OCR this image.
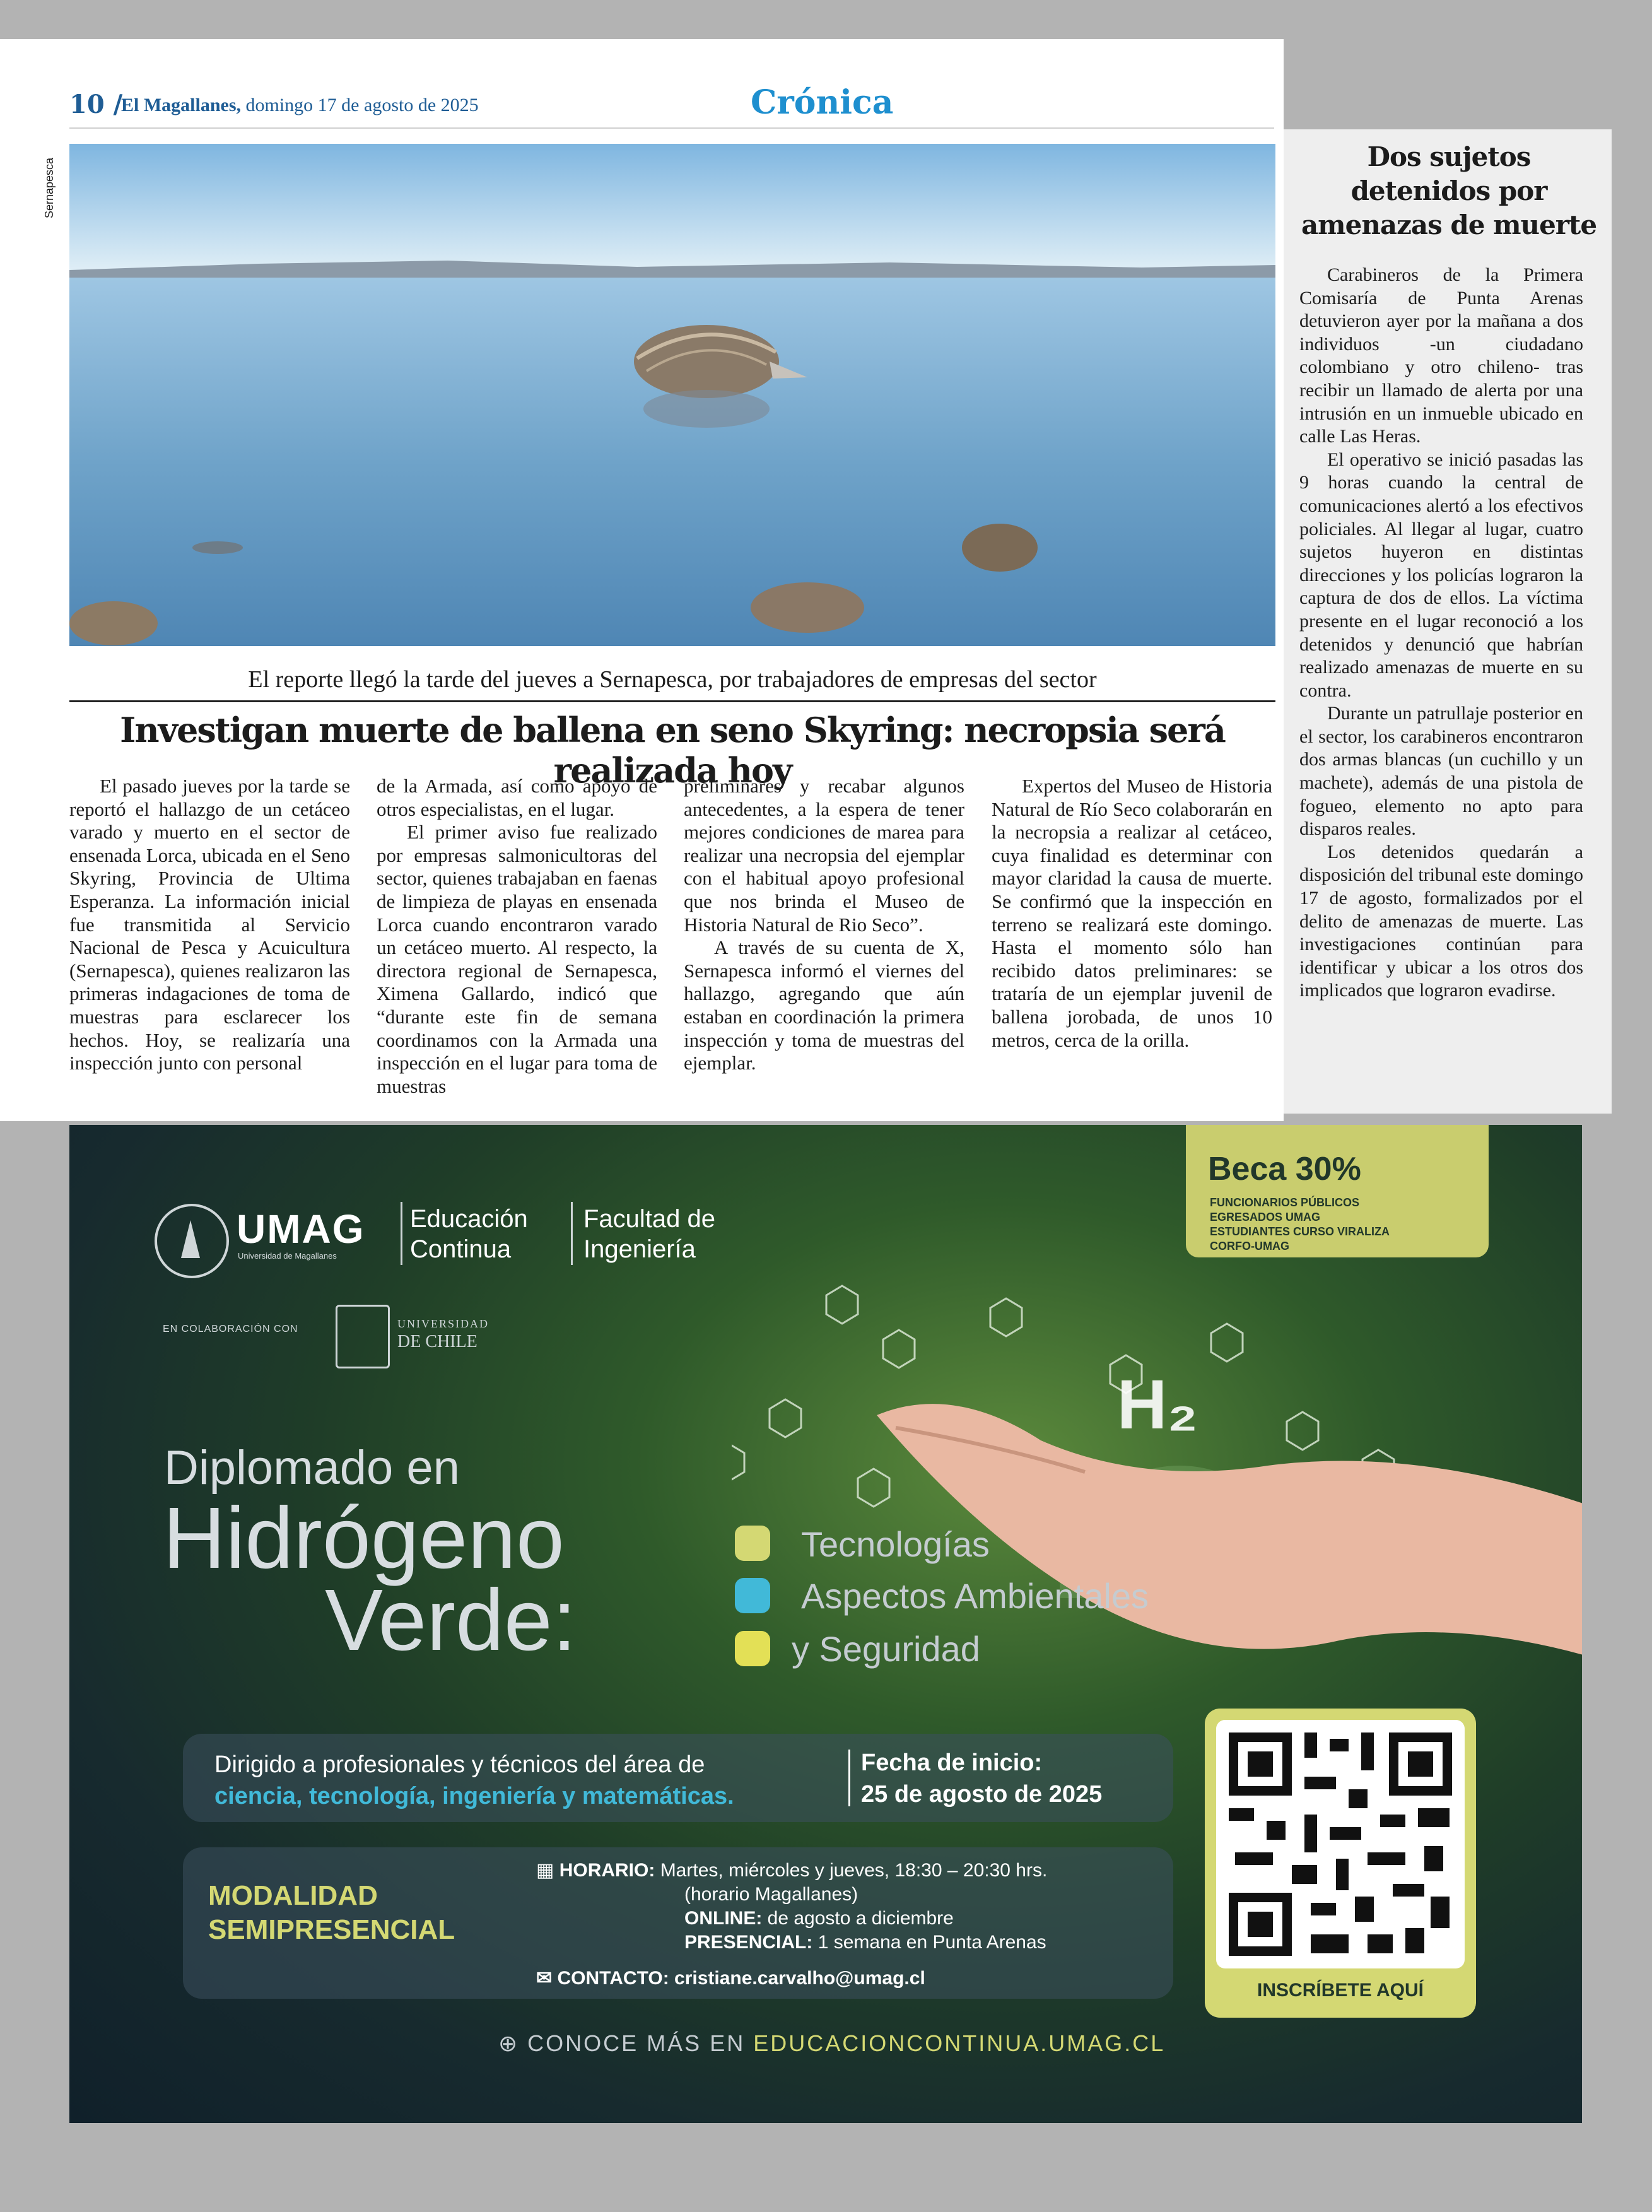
10 /
El Magallanes, domingo 17 de agosto de 2025	Crónica
Sernapesca
El reporte llegó la tarde del jueves a Sernapesca, por trabajadores de empresas del sector
Investigan muerte de ballena en seno Skyring: necropsia será realizada hoy

El pasado jueves por la tarde se reportó el hallazgo de un cetáceo varado y muerto en el sector de ensenada Lorca, ubicada en el Seno Skyring, Provincia de Ultima Esperanza. La información inicial fue transmitida al Servicio Nacional de Pesca y Acuicultura (Sernapesca), quienes realizaron las primeras indagaciones de toma de muestras para esclarecer los hechos. Hoy, se realizaría una inspección junto con personal

de la Armada, así como apoyo de otros especialistas, en el lugar.

El primer aviso fue realizado por empresas salmonicultoras del sector, quienes trabajaban en faenas de limpieza de playas en ensenada Lorca cuando encontraron varado un cetáceo muerto. Al respecto, la directora regional de Sernapesca, Ximena Gallardo, indicó que “durante este fin de semana coordinamos con la Armada una inspección en el lugar para toma de muestras

preliminares y recabar algunos antecedentes, a la espera de tener mejores condiciones de marea para realizar una necropsia del ejemplar con el habitual apoyo profesional que nos brinda el Museo de Historia Natural de Rio Seco”.

A través de su cuenta de X, Sernapesca informó el viernes del hallazgo, agregando que aún estaban en coordinación la primera inspección y toma de muestras del ejemplar.

Expertos del Museo de Historia Natural de Río Seco colaborarán en la necropsia a realizar al cetáceo, cuya finalidad es determinar con mayor claridad la causa de muerte. Se confirmó que la inspección en terreno se realizará este domingo. Hasta el momento sólo han recibido datos preliminares: se trataría de un ejemplar juvenil de ballena jorobada, de unos 10 metros, cerca de la orilla.

Dos sujetos detenidos por amenazas de muerte

Carabineros de la Primera Comisaría de Punta Arenas detuvieron ayer por la mañana a dos individuos -un ciudadano colombiano y otro chileno- tras recibir un llamado de alerta por una intrusión en un inmueble ubicado en calle Las Heras.

El operativo se inició pasadas las 9 horas cuando la central de comunicaciones alertó a los efectivos policiales. Al llegar al lugar, cuatro sujetos huyeron en distintas direcciones y los policías lograron la captura de dos de ellos. La víctima presente en el lugar reconoció a los detenidos y denunció que habrían realizado amenazas de muerte en su contra.

Durante un patrullaje posterior en el sector, los carabineros encontraron dos armas blancas (un cuchillo y un machete), además de una pistola de fogueo, elemento no apto para disparos reales.

Los detenidos quedarán a disposición del tribunal este domingo 17 de agosto, formalizados por el delito de amenazas de muerte. Las investigaciones continúan para identificar y ubicar a los otros dos implicados que lograron evadirse.

UMAG
Universidad de Magallanes
Educación Continua
Facultad de Ingeniería
EN COLABORACIÓN CON	UNIVERSIDAD
DE CHILE
Beca 30%
FUNCIONARIOS PÚBLICOS
EGRESADOS UMAG
ESTUDIANTES CURSO VIRALIZA
CORFO-UMAG
H₂
Diplomado en
Hidrógeno
Verde:
Tecnologías
Aspectos Ambientales
y Seguridad
Dirigido a profesionales y técnicos del área de
ciencia, tecnología, ingeniería y matemáticas.
Fecha de inicio:
25 de agosto de 2025
MODALIDAD
SEMIPRESENCIAL
▦ HORARIO: Martes, miércoles y jueves, 18:30 – 20:30 hrs.
(horario Magallanes)
ONLINE: de agosto a diciembre
PRESENCIAL: 1 semana en Punta Arenas
✉ CONTACTO: cristiane.carvalho@umag.cl
INSCRÍBETE AQUÍ
⊕ CONOCE MÁS EN EDUCACIONCONTINUA.UMAG.CL
